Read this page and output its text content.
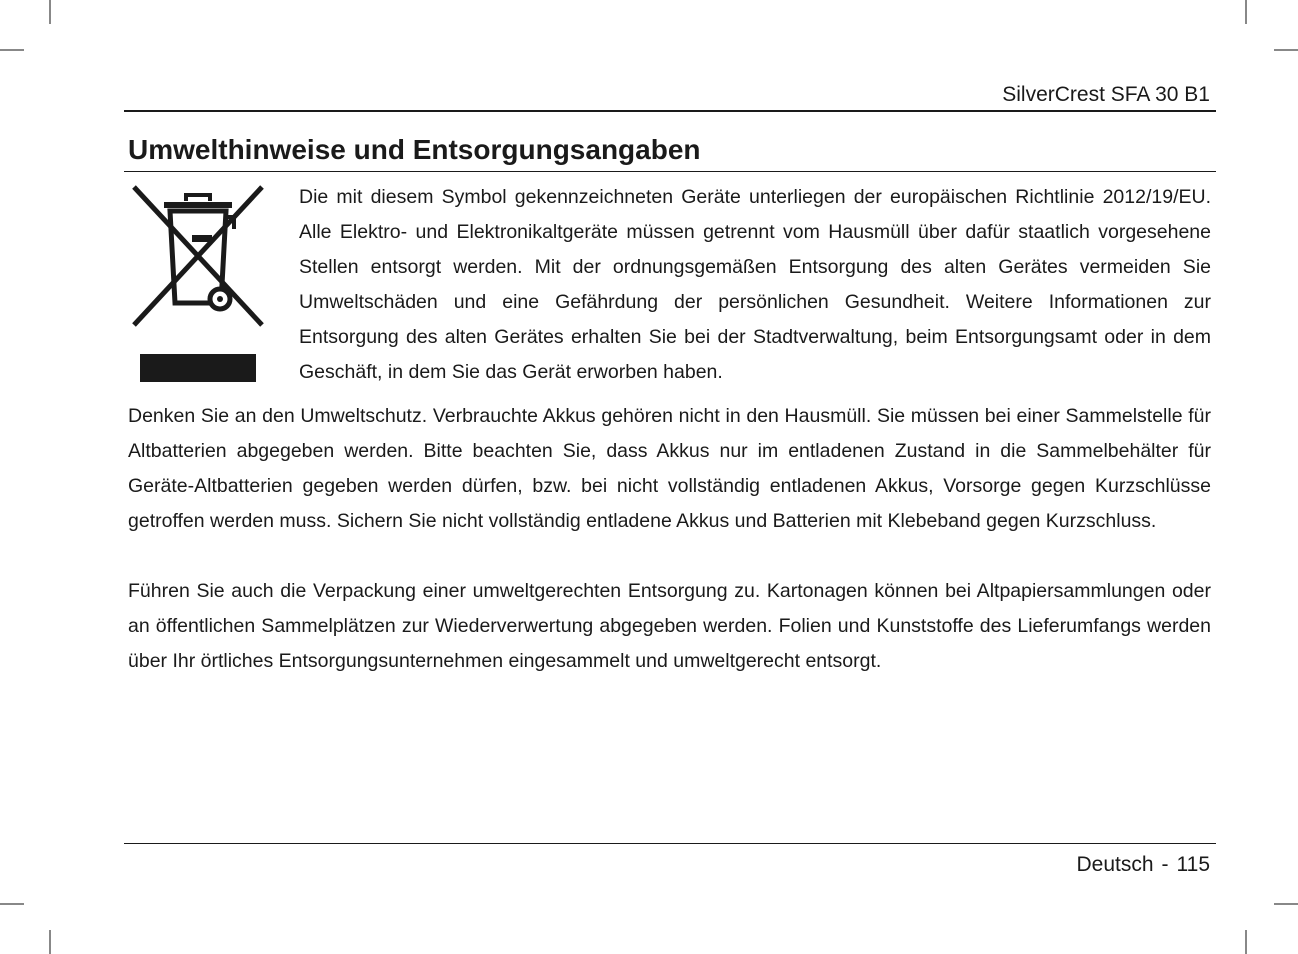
SilverCrest SFA 30 B1
Umwelthinweise und Entsorgungsangaben

Die mit diesem Symbol gekennzeichneten Geräte unterliegen der europäischen Richtlinie 2012/19/EU. Alle Elektro- und Elektronikaltgeräte müssen getrennt vom Hausmüll über dafür staatlich vorgesehene Stellen entsorgt werden. Mit der ordnungsgemäßen Entsorgung des alten Gerätes vermeiden Sie Umweltschäden und eine Gefährdung der persönlichen Gesundheit. Weitere Informationen zur Entsorgung des alten Gerätes erhalten Sie bei der Stadtverwaltung, beim Entsorgungsamt oder in dem Geschäft, in dem Sie das Gerät erworben haben.

Denken Sie an den Umweltschutz. Verbrauchte Akkus gehören nicht in den Hausmüll. Sie müssen bei einer Sammelstelle für Altbatterien abgegeben werden. Bitte beachten Sie, dass Akkus nur im entladenen Zustand in die Sammelbehälter für Geräte-Altbatterien gegeben werden dürfen, bzw. bei nicht vollständig entladenen Akkus, Vorsorge gegen Kurzschlüsse getroffen werden muss. Sichern Sie nicht vollständig entladene Akkus und Batterien mit Klebeband gegen Kurzschluss.

Führen Sie auch die Verpackung einer umweltgerechten Entsorgung zu. Kartonagen können bei Altpapiersammlungen oder an öffentlichen Sammelplätzen zur Wiederverwertung abgegeben werden. Folien und Kunststoffe des Lieferumfangs werden über Ihr örtliches Entsorgungsunternehmen eingesammelt und umweltgerecht entsorgt.

Deutsch - 115
